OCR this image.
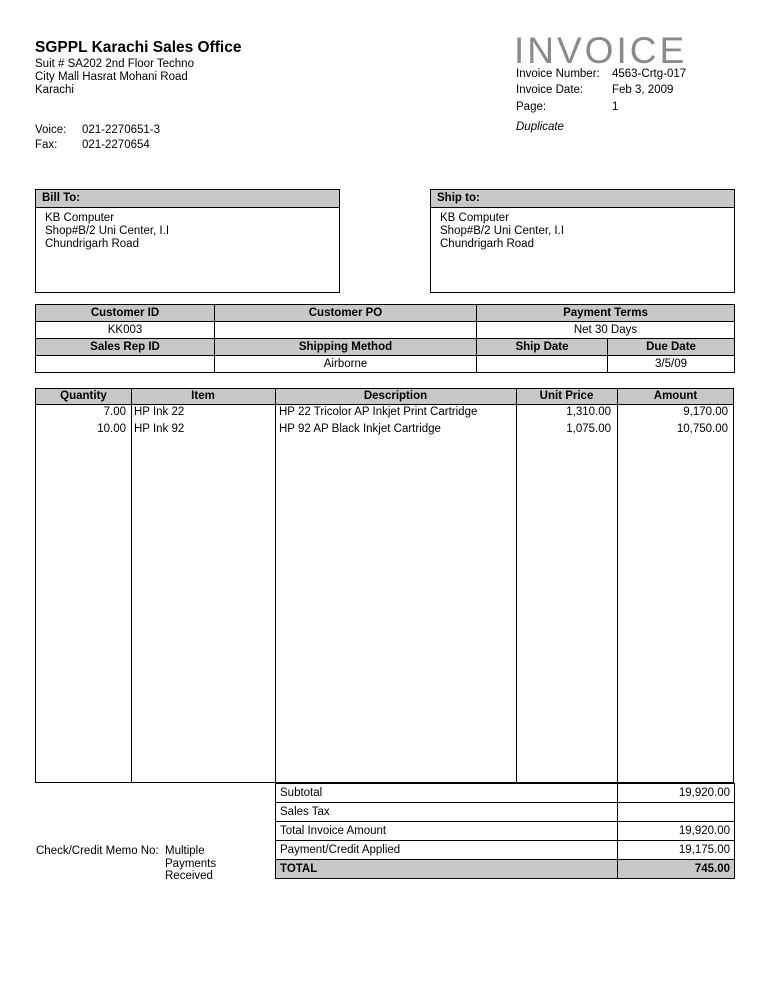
SGPPL Karachi Sales Office
Suit # SA202 2nd Floor Techno
City Mall Hasrat Mohani Road
Karachi
Voice: 021-2270651-3
Fax: 021-2270654
INVOICE
Invoice Number: 4563-Crtg-017
Invoice Date:	Feb 3, 2009
Page:	1
Duplicate
Bill To:
KB Computer
Shop#B/2 Uni Center, I.I
Chundrigarh Road
Ship to:
KB Computer
Shop#B/2 Uni Center, I.I
Chundrigarh Road
Customer ID	Customer PO	Payment Terms	
KK003		Net 30 Days	
Sales Rep ID	Shipping Method	Ship Date	Due Date
	Airborne		3/5/09
Quantity	Item	Description	Unit Price	Amount
7.00 HP Ink 22	HP 22 Tricolor AP Inkjet Print Cartridge	1,310.00	9,170.00
10.00 HP Ink 92	HP 92 AP Black Inkjet Cartridge	1,075.00	10,750.00
Subtotal	19,920.00
Sales Tax	
Total Invoice Amount	19,920.00
Payment/Credit Applied	19,175.00
TOTAL	745.00
Check/Credit Memo No: Multiple
Payments
Received
